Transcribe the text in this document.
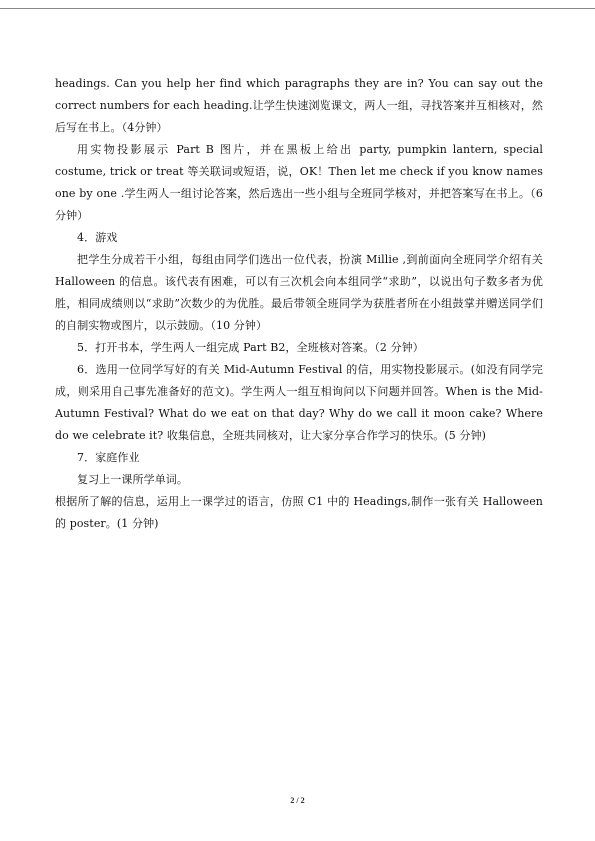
headings. Can you help her find which paragraphs they are in? You can say out the correct numbers for each heading.让学生快速浏览课文，两人一组，寻找答案并互相核对，然后写在书上。（4分钟）

用实物投影展示 Part B 图片，并在黑板上给出 party, pumpkin lantern, special costume, trick or treat 等关联词或短语，说，OK！Then let me check if you know names one by one .学生两人一组讨论答案，然后选出一些小组与全班同学核对，并把答案写在书上。（6 分钟）

4．游戏

把学生分成若干小组，每组由同学们选出一位代表，扮演 Millie ,到前面向全班同学介绍有关 Halloween 的信息。该代表有困难，可以有三次机会向本组同学“求助”，以说出句子数多者为优胜，相同成绩则以“求助”次数少的为优胜。最后带领全班同学为获胜者所在小组鼓掌并赠送同学们的自制实物或图片，以示鼓励。（10 分钟）

5．打开书本，学生两人一组完成 Part B2，全班核对答案。（2 分钟）

6．选用一位同学写好的有关 Mid-Autumn Festival 的信，用实物投影展示。(如没有同学完成，则采用自己事先准备好的范文)。学生两人一组互相询问以下问题并回答。When is the Mid-Autumn Festival? What do we eat on that day? Why do we call it moon cake? Where do we celebrate it? 收集信息，全班共同核对，让大家分享合作学习的快乐。(5 分钟)

7．家庭作业

复习上一课所学单词。

根据所了解的信息，运用上一课学过的语言，仿照 C1 中的 Headings,制作一张有关 Halloween 的 poster。(1 分钟)

2 / 2
